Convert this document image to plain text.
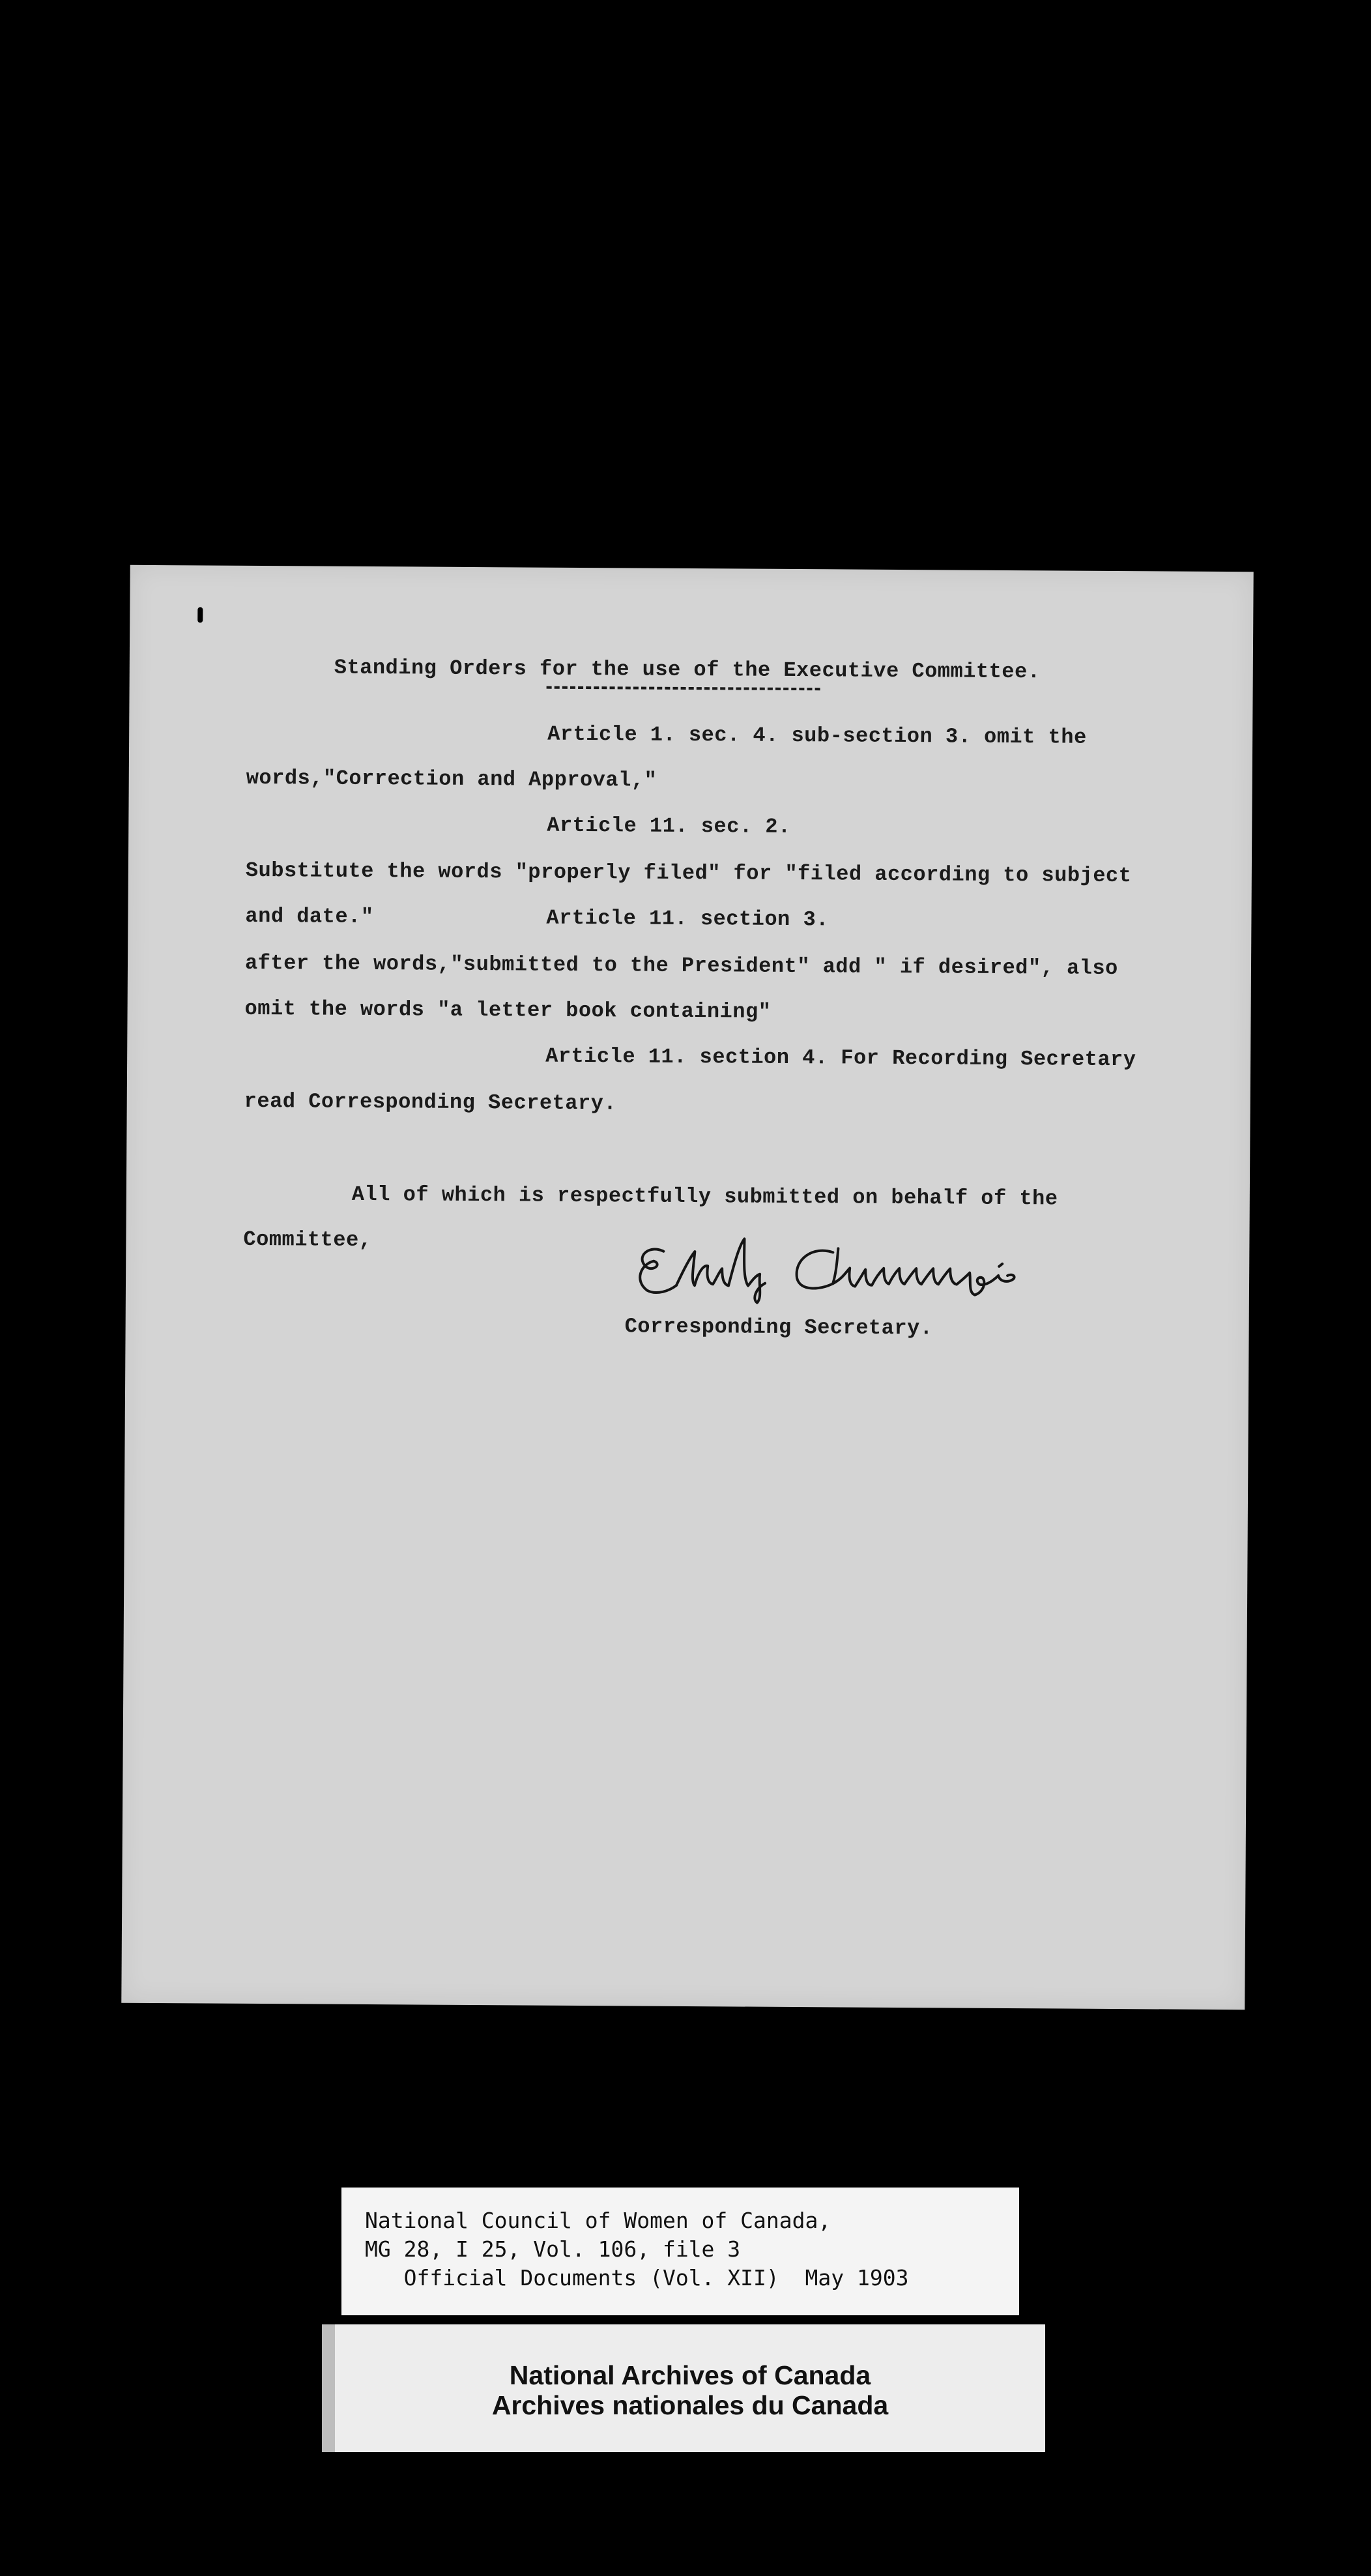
Standing Orders for the use of the Executive Committee.
Article 1. sec. 4. sub-section 3. omit the
words,"Correction and Approval,"
Article 11. sec. 2.
Substitute the words "properly filed" for "filed according to subject
and date."	Article 11. section 3.
after the words,"submitted to the President" add " if desired", also
omit the words "a letter book containing"
Article 11. section 4. For Recording Secretary
read Corresponding Secretary.
All of which is respectfully submitted on behalf of the
Committee,
Corresponding Secretary.
National Council of Women of Canada,
MG 28, I 25, Vol. 106, file 3
Official Documents (Vol. XII)  May 1903
National Archives of Canada
Archives nationales du Canada
